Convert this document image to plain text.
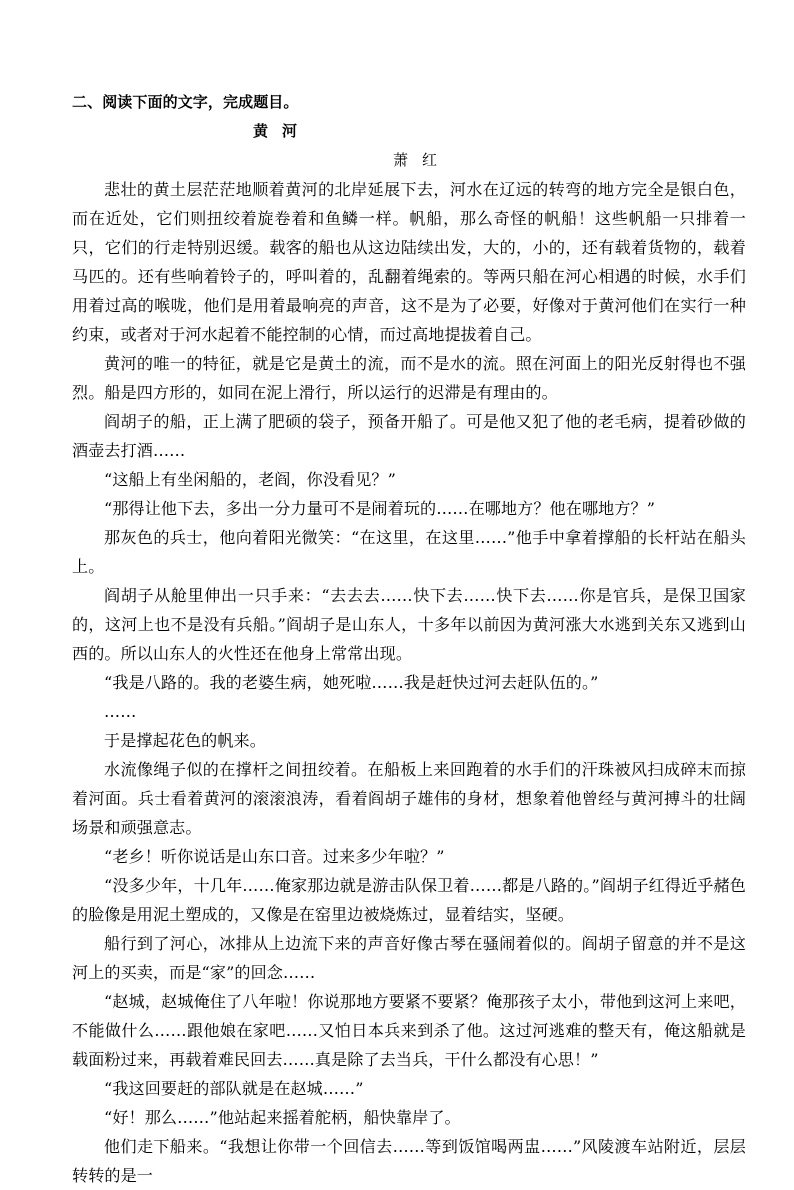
二、阅读下面的文字，完成题目。
黄河
萧红

悲壮的黄土层茫茫地顺着黄河的北岸延展下去，河水在辽远的转弯的地方完全是银白色，而在近处，它们则扭绞着旋卷着和鱼鳞一样。帆船，那么奇怪的帆船！这些帆船一只排着一只，它们的行走特别迟缓。载客的船也从这边陆续出发，大的，小的，还有载着货物的，载着马匹的。还有些响着铃子的，呼叫着的，乱翻着绳索的。等两只船在河心相遇的时候，水手们用着过高的喉咙，他们是用着最响亮的声音，这不是为了必要，好像对于黄河他们在实行一种约束，或者对于河水起着不能控制的心情，而过高地提拔着自己。

黄河的唯一的特征，就是它是黄土的流，而不是水的流。照在河面上的阳光反射得也不强烈。船是四方形的，如同在泥上滑行，所以运行的迟滞是有理由的。

阎胡子的船，正上满了肥硕的袋子，预备开船了。可是他又犯了他的老毛病，提着砂做的酒壶去打酒……

“这船上有坐闲船的，老阎，你没看见？”

“那得让他下去，多出一分力量可不是闹着玩的……在哪地方？他在哪地方？”

那灰色的兵士，他向着阳光微笑：“在这里，在这里……”他手中拿着撑船的长杆站在船头上。

阎胡子从舱里伸出一只手来：“去去去……快下去……快下去……你是官兵，是保卫国家的，这河上也不是没有兵船。”阎胡子是山东人，十多年以前因为黄河涨大水逃到关东又逃到山西的。所以山东人的火性还在他身上常常出现。

“我是八路的。我的老婆生病，她死啦……我是赶快过河去赶队伍的。”

……

于是撑起花色的帆来。

水流像绳子似的在撑杆之间扭绞着。在船板上来回跑着的水手们的汗珠被风扫成碎末而掠着河面。兵士看着黄河的滚滚浪涛，看着阎胡子雄伟的身材，想象着他曾经与黄河搏斗的壮阔场景和顽强意志。

“老乡！听你说话是山东口音。过来多少年啦？”

“没多少年，十几年……俺家那边就是游击队保卫着……都是八路的。”阎胡子红得近乎赭色的脸像是用泥土塑成的，又像是在窑里边被烧炼过，显着结实，坚硬。

船行到了河心，冰排从上边流下来的声音好像古琴在骚闹着似的。阎胡子留意的并不是这河上的买卖，而是“家”的回念……

“赵城，赵城俺住了八年啦！你说那地方要紧不要紧？俺那孩子太小，带他到这河上来吧，不能做什么……跟他娘在家吧……又怕日本兵来到杀了他。这过河逃难的整天有，俺这船就是载面粉过来，再载着难民回去……真是除了去当兵，干什么都没有心思！”

“我这回要赶的部队就是在赵城……”

“好！那么……”他站起来摇着舵柄，船快靠岸了。

他们走下船来。“我想让你带一个回信去……等到饭馆喝两盅……”风陵渡车站附近，层层转转的是一
